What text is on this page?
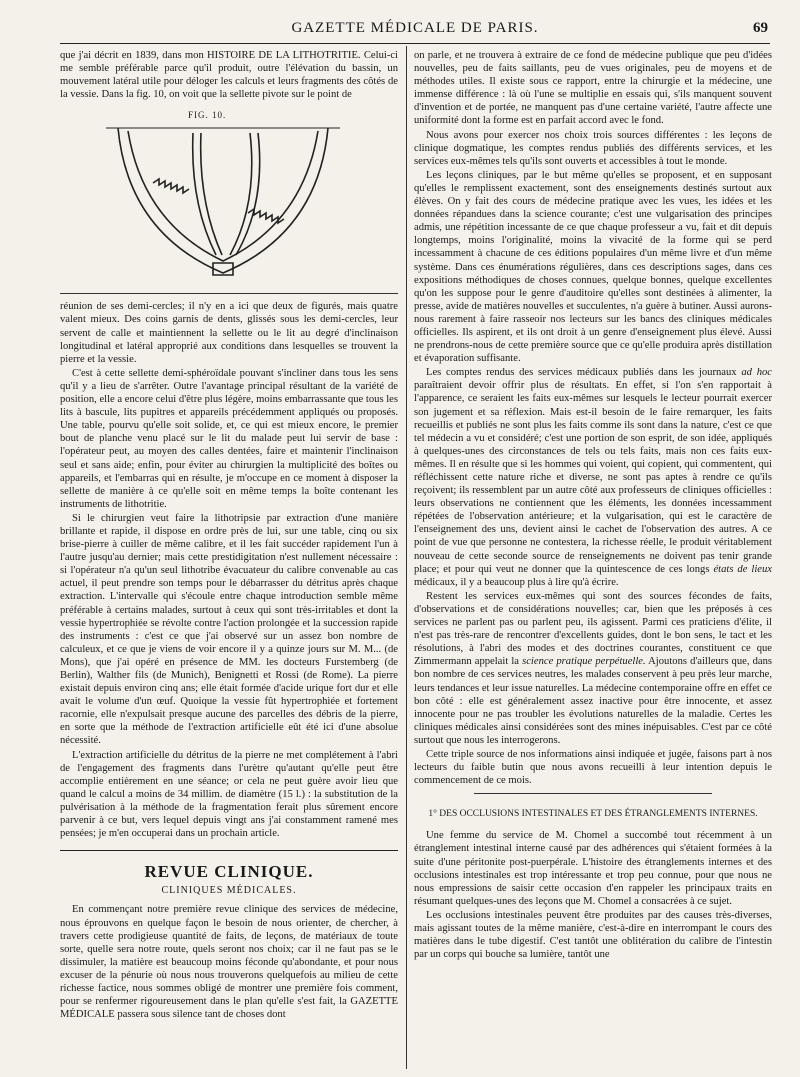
GAZETTE MÉDICALE DE PARIS.	69

que j'ai décrit en 1839, dans mon HISTOIRE DE LA LITHOTRITIE. Celui-ci me semble préférable parce qu'il produit, outre l'élévation du bassin, un mouvement latéral utile pour déloger les calculs et leurs fragments des côtés de la vessie. Dans la fig. 10, on voit que la sellette pivote sur le point de

FIG. 10.

réunion de ses demi-cercles; il n'y en a ici que deux de figurés, mais quatre valent mieux. Des coins garnis de dents, glissés sous les demi-cercles, leur servent de calle et maintiennent la sellette ou le lit au degré d'inclinaison longitudinal et latéral approprié aux conditions dans lesquelles se trouvent la pierre et la vessie.

C'est à cette sellette demi-sphéroïdale pouvant s'incliner dans tous les sens qu'il y a lieu de s'arrêter. Outre l'avantage principal résultant de la variété de position, elle a encore celui d'être plus légère, moins embarrassante que tous les lits à bascule, lits pupitres et appareils précédemment appliqués ou proposés. Une table, pourvu qu'elle soit solide, et, ce qui est mieux encore, le premier bout de planche venu placé sur le lit du malade peut lui servir de base : l'opérateur peut, au moyen des calles dentées, faire et maintenir l'inclinaison seul et sans aide; enfin, pour éviter au chirurgien la multiplicité des boîtes ou appareils, et l'embarras qui en résulte, je m'occupe en ce moment à disposer la sellette de manière à ce qu'elle soit en même temps la boîte contenant les instruments de lithotritie.

Si le chirurgien veut faire la lithotripsie par extraction d'une manière brillante et rapide, il dispose en ordre près de lui, sur une table, cinq ou six brise-pierre à cuiller de même calibre, et il les fait succéder rapidement l'un à l'autre jusqu'au dernier; mais cette prestidigitation n'est nullement nécessaire : si l'opérateur n'a qu'un seul lithotribe évacuateur du calibre convenable au cas actuel, il peut prendre son temps pour le débarrasser du détritus après chaque extraction. L'intervalle qui s'écoule entre chaque introduction semble même préférable à certains malades, surtout à ceux qui sont très-irritables et dont la vessie hypertrophiée se révolte contre l'action prolongée et la succession rapide des instruments : c'est ce que j'ai observé sur un assez bon nombre de calculeux, et ce que je viens de voir encore il y a quinze jours sur M. M... (de Mons), que j'ai opéré en présence de MM. les docteurs Furstemberg (de Berlin), Walther fils (de Munich), Benignetti et Rossi (de Rome). La pierre existait depuis environ cinq ans; elle était formée d'acide urique fort dur et elle avait le volume d'un œuf. Quoique la vessie fût hypertrophiée et fortement racornie, elle n'expulsait presque aucune des parcelles des débris de la pierre, en sorte que la méthode de l'extraction artificielle eût été ici d'une absolue nécessité.

L'extraction artificielle du détritus de la pierre ne met complétement à l'abri de l'engagement des fragments dans l'urètre qu'autant qu'elle peut être accomplie entièrement en une séance; or cela ne peut guère avoir lieu que quand le calcul a moins de 34 millim. de diamètre (15 l.) : la substitution de la pulvérisation à la méthode de la fragmentation ferait plus sûrement encore parvenir à ce but, vers lequel depuis vingt ans j'ai constamment ramené mes pensées; je m'en occuperai dans un prochain article.

REVUE CLINIQUE.
CLINIQUES MÉDICALES.

En commençant notre première revue clinique des services de médecine, nous éprouvons en quelque façon le besoin de nous orienter, de chercher, à travers cette prodigieuse quantité de faits, de leçons, de matériaux de toute sorte, quelle sera notre route, quels seront nos choix; car il ne faut pas se le dissimuler, la matière est beaucoup moins féconde qu'abondante, et pour nous excuser de la pénurie où nous nous trouverons quelquefois au milieu de cette richesse factice, nous sommes obligé de montrer une première fois comment, pour se renfermer rigoureusement dans le plan qu'elle s'est fait, la GAZETTE MÉDICALE passera sous silence tant de choses dont

on parle, et ne trouvera à extraire de ce fond de médecine publique que peu d'idées nouvelles, peu de faits saillants, peu de vues originales, peu de moyens et de méthodes utiles. Il existe sous ce rapport, entre la chirurgie et la médecine, une immense différence : là où l'une se multiplie en essais qui, s'ils manquent souvent d'invention et de portée, ne manquent pas d'une certaine variété, l'autre affecte une uniformité dont la forme est en parfait accord avec le fond.

Nous avons pour exercer nos choix trois sources différentes : les leçons de clinique dogmatique, les comptes rendus publiés des différents services, et les services eux-mêmes tels qu'ils sont ouverts et accessibles à tout le monde.

Les leçons cliniques, par le but même qu'elles se proposent, et en supposant qu'elles le remplissent exactement, sont des enseignements destinés surtout aux élèves. On y fait des cours de médecine pratique avec les vues, les idées et les données répandues dans la science courante; c'est une vulgarisation des principes admis, une répétition incessante de ce que chaque professeur a vu, fait et dit depuis longtemps, moins l'originalité, moins la vivacité de la forme qui se perd incessamment à chacune de ces éditions populaires d'un même livre et d'un même système. Dans ces énumérations régulières, dans ces descriptions sages, dans ces expositions méthodiques de choses connues, quelque bonnes, quelque excellentes qu'on les suppose pour le genre d'auditoire qu'elles sont destinées à alimenter, la presse, avide de matières nouvelles et succulentes, n'a guère à butiner. Aussi aurons-nous rarement à faire rasseoir nos lecteurs sur les bancs des cliniques médicales officielles. Ils aspirent, et ils ont droit à un genre d'enseignement plus élevé. Aussi ne prendrons-nous de cette première source que ce qu'elle produira après distillation et évaporation suffisante.

Les comptes rendus des services médicaux publiés dans les journaux ad hoc paraîtraient devoir offrir plus de résultats. En effet, si l'on s'en rapportait à l'apparence, ce seraient les faits eux-mêmes sur lesquels le lecteur pourrait exercer son jugement et sa réflexion. Mais est-il besoin de le faire remarquer, les faits recueillis et publiés ne sont plus les faits comme ils sont dans la nature, c'est ce que tel médecin a vu et considéré; c'est une portion de son esprit, de son idée, appliqués à quelques-unes des circonstances de tels ou tels faits, mais non ces faits eux-mêmes. Il en résulte que si les hommes qui voient, qui copient, qui commentent, qui réfléchissent cette nature riche et diverse, ne sont pas aptes à rendre ce qu'ils reçoivent; ils ressemblent par un autre côté aux professeurs de cliniques officielles : leurs observations ne contiennent que les éléments, les données incessamment répétées de l'observation antérieure; et la vulgarisation, qui est le caractère de l'enseignement des uns, devient ainsi le cachet de l'observation des autres. A ce point de vue que personne ne contestera, la richesse réelle, le produit véritablement nouveau de cette seconde source de renseignements ne doivent pas tenir grande place; et pour qui veut ne donner que la quintescence de ces longs états de lieux médicaux, il y a beaucoup plus à lire qu'à écrire.

Restent les services eux-mêmes qui sont des sources fécondes de faits, d'observations et de considérations nouvelles; car, bien que les préposés à ces services ne parlent pas ou parlent peu, ils agissent. Parmi ces praticiens d'élite, il n'est pas très-rare de rencontrer d'excellents guides, dont le bon sens, le tact et les résolutions, à l'abri des modes et des doctrines courantes, constituent ce que Zimmermann appelait la science pratique perpétuelle. Ajoutons d'ailleurs que, dans bon nombre de ces services neutres, les malades conservent à peu près leur marche, leurs tendances et leur issue naturelles. La médecine contemporaine offre en effet ce bon côté : elle est généralement assez inactive pour être innocente, et assez innocente pour ne pas troubler les évolutions naturelles de la maladie. Certes les cliniques médicales ainsi considérées sont des mines inépuisables. C'est par ce côté surtout que nous les interrogerons.

Cette triple source de nos informations ainsi indiquée et jugée, faisons part à nos lecteurs du faible butin que nous avons recueilli à leur intention depuis le commencement de ce mois.

1° DES OCCLUSIONS INTESTINALES ET DES ÉTRANGLEMENTS INTERNES.

Une femme du service de M. Chomel a succombé tout récemment à un étranglement intestinal interne causé par des adhérences qui s'étaient formées à la suite d'une péritonite post-puerpérale. L'histoire des étranglements internes et des occlusions intestinales est trop intéressante et trop peu connue, pour que nous ne nous empressions de saisir cette occasion d'en rappeler les principaux traits en résumant quelques-unes des leçons que M. Chomel a consacrées à ce sujet.

Les occlusions intestinales peuvent être produites par des causes très-diverses, mais agissant toutes de la même manière, c'est-à-dire en interrompant le cours des matières dans le tube digestif. C'est tantôt une oblitération du calibre de l'intestin par un corps qui bouche sa lumière, tantôt une
